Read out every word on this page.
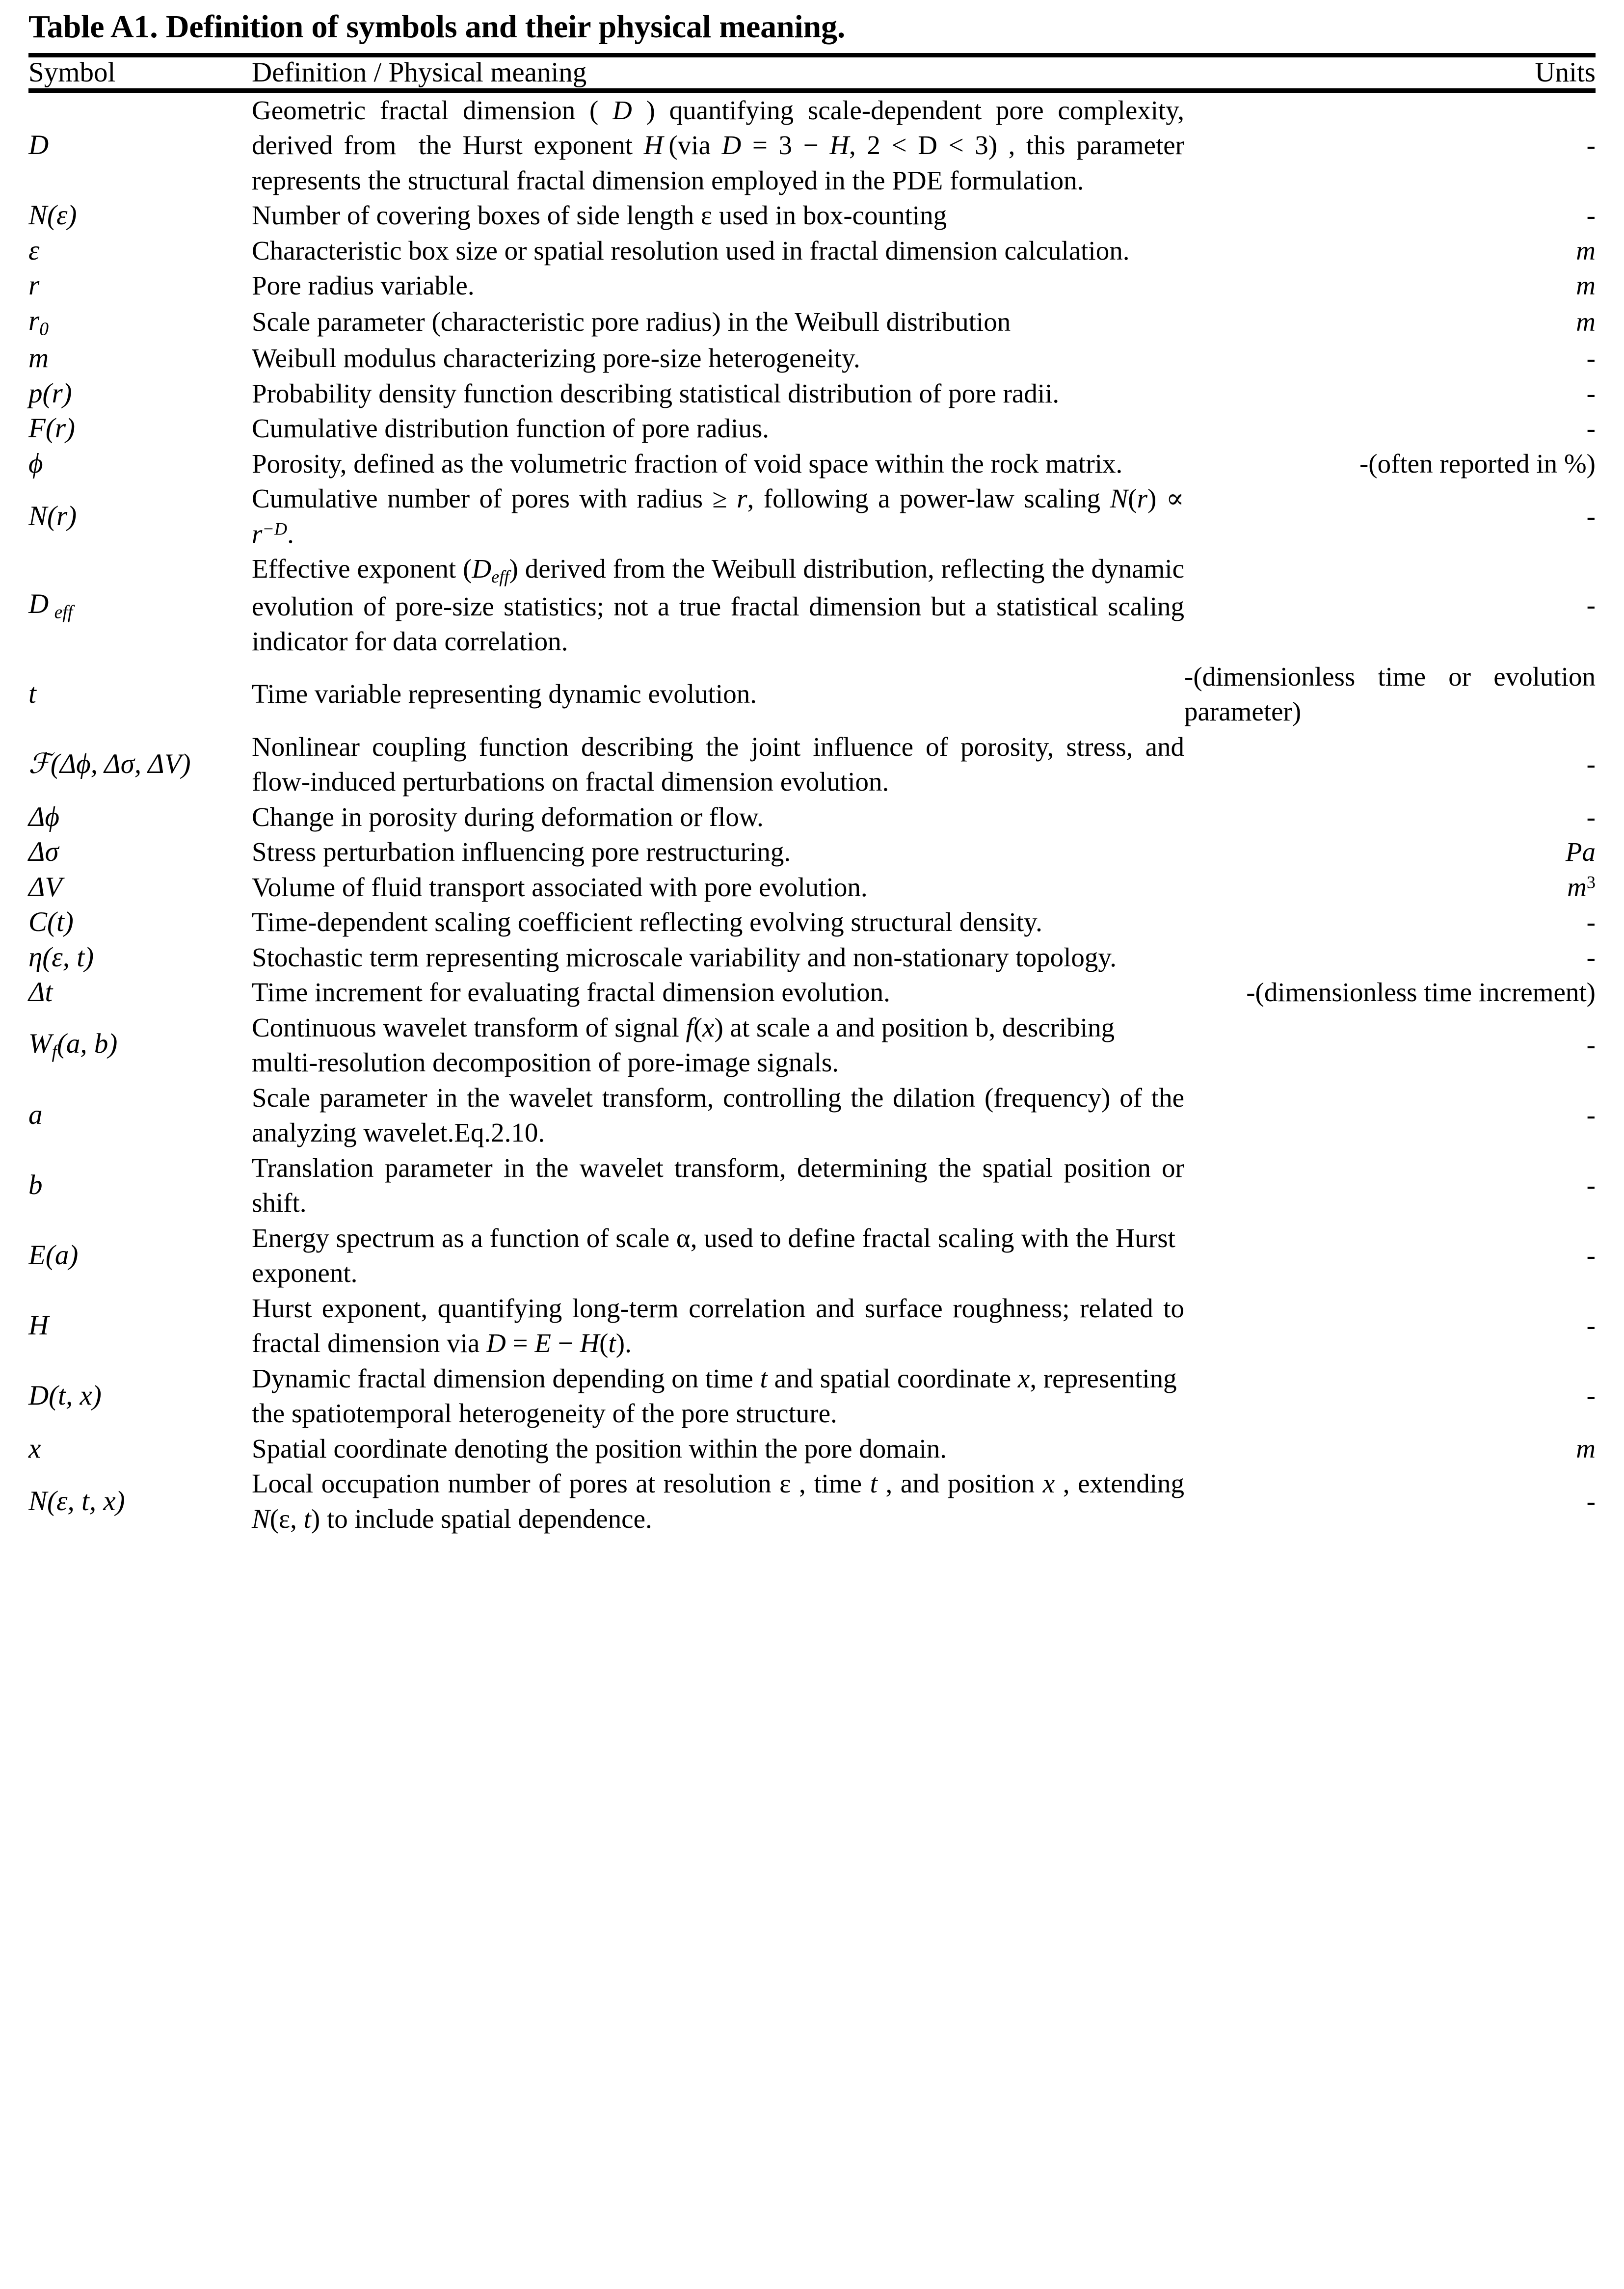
Table A1. Definition of symbols and their physical meaning.
Symbol	Definition / Physical meaning	Units
D	Geometric fractal dimension ( D ) quantifying scale-dependent pore complexity, derived from  the Hurst exponent H (via D = 3 − H, 2 < D < 3) , this parameter represents the structural fractal dimension employed in the PDE formulation.	-
N(ε)	Number of covering boxes of side length ε used in box-counting	-
ε	Characteristic box size or spatial resolution used in fractal dimension calculation.	m
r	Pore radius variable.	m
$r_0$	Scale parameter (characteristic pore radius) in the Weibull distribution	m
m	Weibull modulus characterizing pore-size heterogeneity.	-
p(r)	Probability density function describing statistical distribution of pore radii.	-
F(r)	Cumulative distribution function of pore radius.	-
ϕ	Porosity, defined as the volumetric fraction of void space within the rock matrix.	-(often reported in %)
N(r)	Cumulative number of pores with radius ≥ r, following a power-law scaling $N(r) \propto r^{-D}$.	-
D  $_{eff}$	Effective exponent $(D_{eff})$ derived from the Weibull distribution, reflecting the dynamic evolution of pore-size statistics; not a true fractal dimension but a statistical scaling indicator for data correlation.	-
t	Time variable representing dynamic evolution.	-(dimensionless time or evolution parameter)
ℱ(Δϕ, Δσ, ΔV)	Nonlinear coupling function describing the joint influence of porosity, stress, and flow-induced perturbations on fractal dimension evolution.	-
Δϕ	Change in porosity during deformation or flow.	-
Δσ	Stress perturbation influencing pore restructuring.	Pa
ΔV	Volume of fluid transport associated with pore evolution.	$m^3$
C(t)	Time-dependent scaling coefficient reflecting evolving structural density.	-
η(ε, t)	Stochastic term representing microscale variability and non-stationary topology.	-
Δt	Time increment for evaluating fractal dimension evolution.	-(dimensionless time increment)
$W_f(a$, b)	Continuous wavelet transform of signal f(x) at scale a and position b, describing multi-resolution decomposition of pore-image signals.	-
a	Scale parameter in the wavelet transform, controlling the dilation (frequency) of the analyzing wavelet.Eq.2.10.	-
b	Translation parameter in the wavelet transform, determining the spatial position or shift.	-
E(a)	Energy spectrum as a function of scale α, used to define fractal scaling with the Hurst exponent.	-
H	Hurst exponent, quantifying long-term correlation and surface roughness; related to fractal dimension via D = E − H(t).	-
D(t, x)	Dynamic fractal dimension depending on time t and spatial coordinate x, representing the spatiotemporal heterogeneity of the pore structure.	-
x	Spatial coordinate denoting the position within the pore domain.	m
N(ε, t, x)	Local occupation number of pores at resolution ε , time t , and position x , extending N(ε, t) to include spatial dependence.	-
